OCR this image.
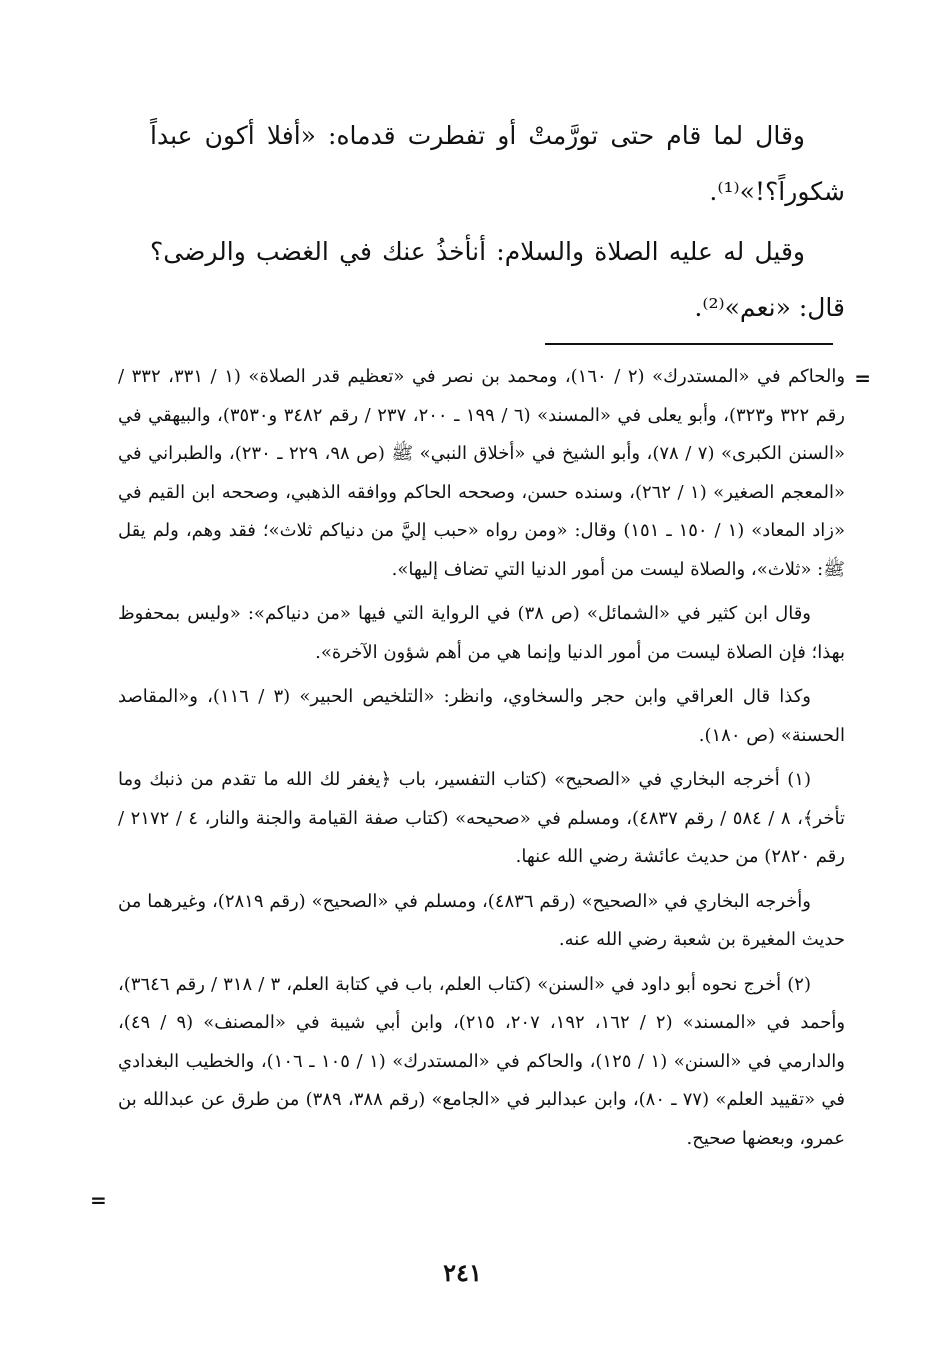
وقال لما قام حتى تورَّمتْ أو تفطرت قدماه: «أفلا أكون عبداً شكوراً؟!»⁽¹⁾.

وقيل له عليه الصلاة والسلام: أنأخذُ عنك في الغضب والرضى؟ قال: «نعم»⁽²⁾.

=

والحاكم في «المستدرك» (٢ / ١٦٠)، ومحمد بن نصر في «تعظيم قدر الصلاة» (١ / ٣٣١، ٣٣٢ / رقم ٣٢٢ و٣٢٣)، وأبو يعلى في «المسند» (٦ / ١٩٩ ـ ٢٠٠، ٢٣٧ / رقم ٣٤٨٢ و٣٥٣٠)، والبيهقي في «السنن الكبرى» (٧ / ٧٨)، وأبو الشيخ في «أخلاق النبي» ﷺ (ص ٩٨، ٢٢٩ ـ ٢٣٠)، والطبراني في «المعجم الصغير» (١ / ٢٦٢)، وسنده حسن، وصححه الحاكم ووافقه الذهبي، وصححه ابن القيم في «زاد المعاد» (١ / ١٥٠ ـ ١٥١) وقال: «ومن رواه «حبب إليَّ من دنياكم ثلاث»؛ فقد وهم، ولم يقل ﷺ: «ثلاث»، والصلاة ليست من أمور الدنيا التي تضاف إليها».

وقال ابن كثير في «الشمائل» (ص ٣٨) في الرواية التي فيها «من دنياكم»: «وليس بمحفوظ بهذا؛ فإن الصلاة ليست من أمور الدنيا وإنما هي من أهم شؤون الآخرة».

وكذا قال العراقي وابن حجر والسخاوي، وانظر: «التلخيص الحبير» (٣ / ١١٦)، و«المقاصد الحسنة» (ص ١٨٠).

(١) أخرجه البخاري في «الصحيح» (كتاب التفسير، باب ﴿يغفر لك الله ما تقدم من ذنبك وما تأخر﴾، ٨ / ٥٨٤ / رقم ٤٨٣٧)، ومسلم في «صحيحه» (كتاب صفة القيامة والجنة والنار، ٤ / ٢١٧٢ / رقم ٢٨٢٠) من حديث عائشة رضي الله عنها.

وأخرجه البخاري في «الصحيح» (رقم ٤٨٣٦)، ومسلم في «الصحيح» (رقم ٢٨١٩)، وغيرهما من حديث المغيرة بن شعبة رضي الله عنه.

(٢) أخرج نحوه أبو داود في «السنن» (كتاب العلم، باب في كتابة العلم، ٣ / ٣١٨ / رقم ٣٦٤٦)، وأحمد في «المسند» (٢ / ١٦٢، ١٩٢، ٢٠٧، ٢١٥)، وابن أبي شيبة في «المصنف» (٩ / ٤٩)، والدارمي في «السنن» (١ / ١٢٥)، والحاكم في «المستدرك» (١ / ١٠٥ ـ ١٠٦)، والخطيب البغدادي في «تقييد العلم» (٧٧ ـ ٨٠)، وابن عبدالبر في «الجامع» (رقم ٣٨٨، ٣٨٩) من طرق عن عبدالله بن عمرو، وبعضها صحيح.

=
٢٤١
